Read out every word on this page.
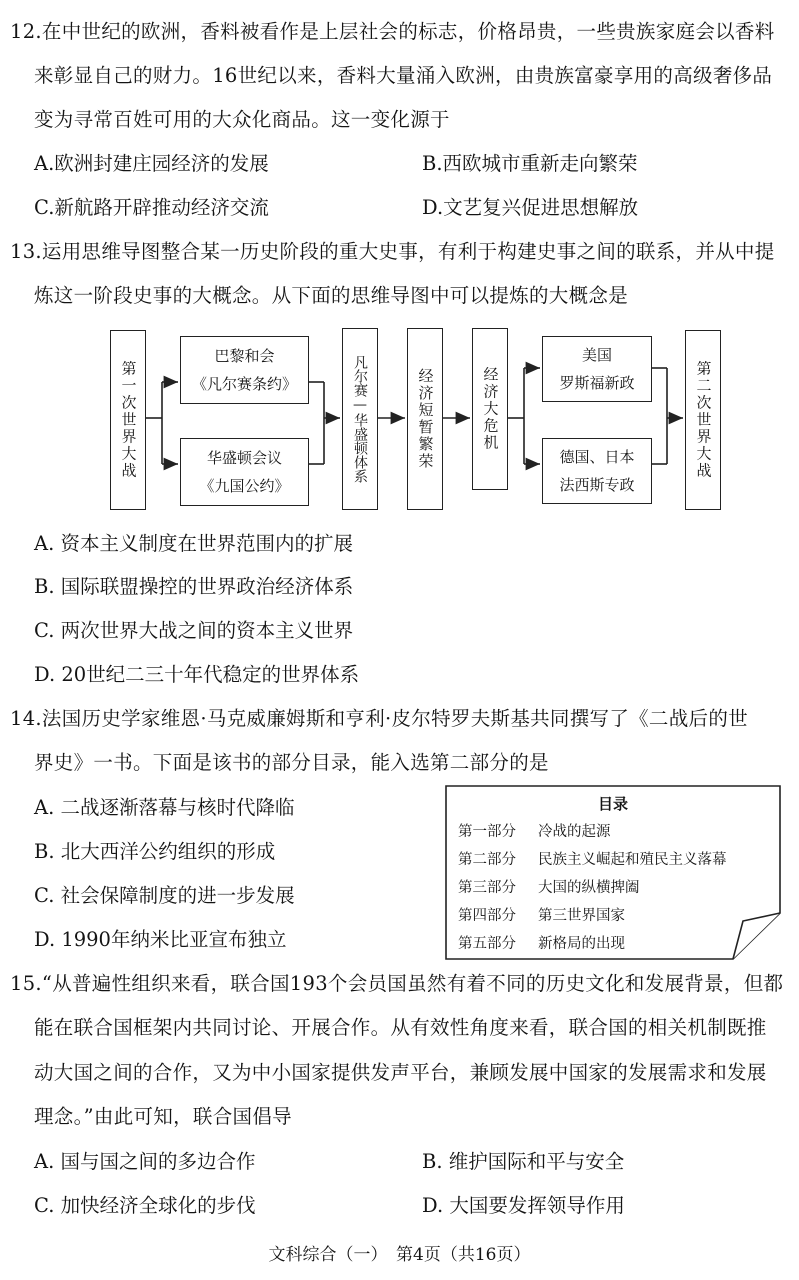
12.在中世纪的欧洲，香料被看作是上层社会的标志，价格昂贵，一些贵族家庭会以香料
来彰显自己的财力。16世纪以来，香料大量涌入欧洲，由贵族富豪享用的高级奢侈品
变为寻常百姓可用的大众化商品。这一变化源于
A.欧洲封建庄园经济的发展	B.西欧城市重新走向繁荣
C.新航路开辟推动经济交流	D.文艺复兴促进思想解放
13.运用思维导图整合某一历史阶段的重大史事，有利于构建史事之间的联系，并从中提
炼这一阶段史事的大概念。从下面的思维导图中可以提炼的大概念是
第一次世界大战
巴黎和会
《凡尔赛条约》
华盛顿会议
《九国公约》
凡尔赛—华盛顿体系	经济短暂繁荣	经济大危机
美国
罗斯福新政
德国、日本
法西斯专政
第二次世界大战
A. 资本主义制度在世界范围内的扩展
B. 国际联盟操控的世界政治经济体系
C. 两次世界大战之间的资本主义世界
D. 20世纪二三十年代稳定的世界体系
14.法国历史学家维恩·马克威廉姆斯和亨利·皮尔特罗夫斯基共同撰写了《二战后的世
界史》一书。下面是该书的部分目录，能入选第二部分的是
A. 二战逐渐落幕与核时代降临
B. 北大西洋公约组织的形成
C. 社会保障制度的进一步发展
D. 1990年纳米比亚宣布独立
目录
第一部分 冷战的起源
第二部分 民族主义崛起和殖民主义落幕
第三部分 大国的纵横捭阖
第四部分 第三世界国家
第五部分 新格局的出现
15.“从普遍性组织来看，联合国193个会员国虽然有着不同的历史文化和发展背景，但都
能在联合国框架内共同讨论、开展合作。从有效性角度来看，联合国的相关机制既推
动大国之间的合作，又为中小国家提供发声平台，兼顾发展中国家的发展需求和发展
理念。”由此可知，联合国倡导
A. 国与国之间的多边合作	B. 维护国际和平与安全
C. 加快经济全球化的步伐	D. 大国要发挥领导作用
文科综合（一）　第4页（共16页）
